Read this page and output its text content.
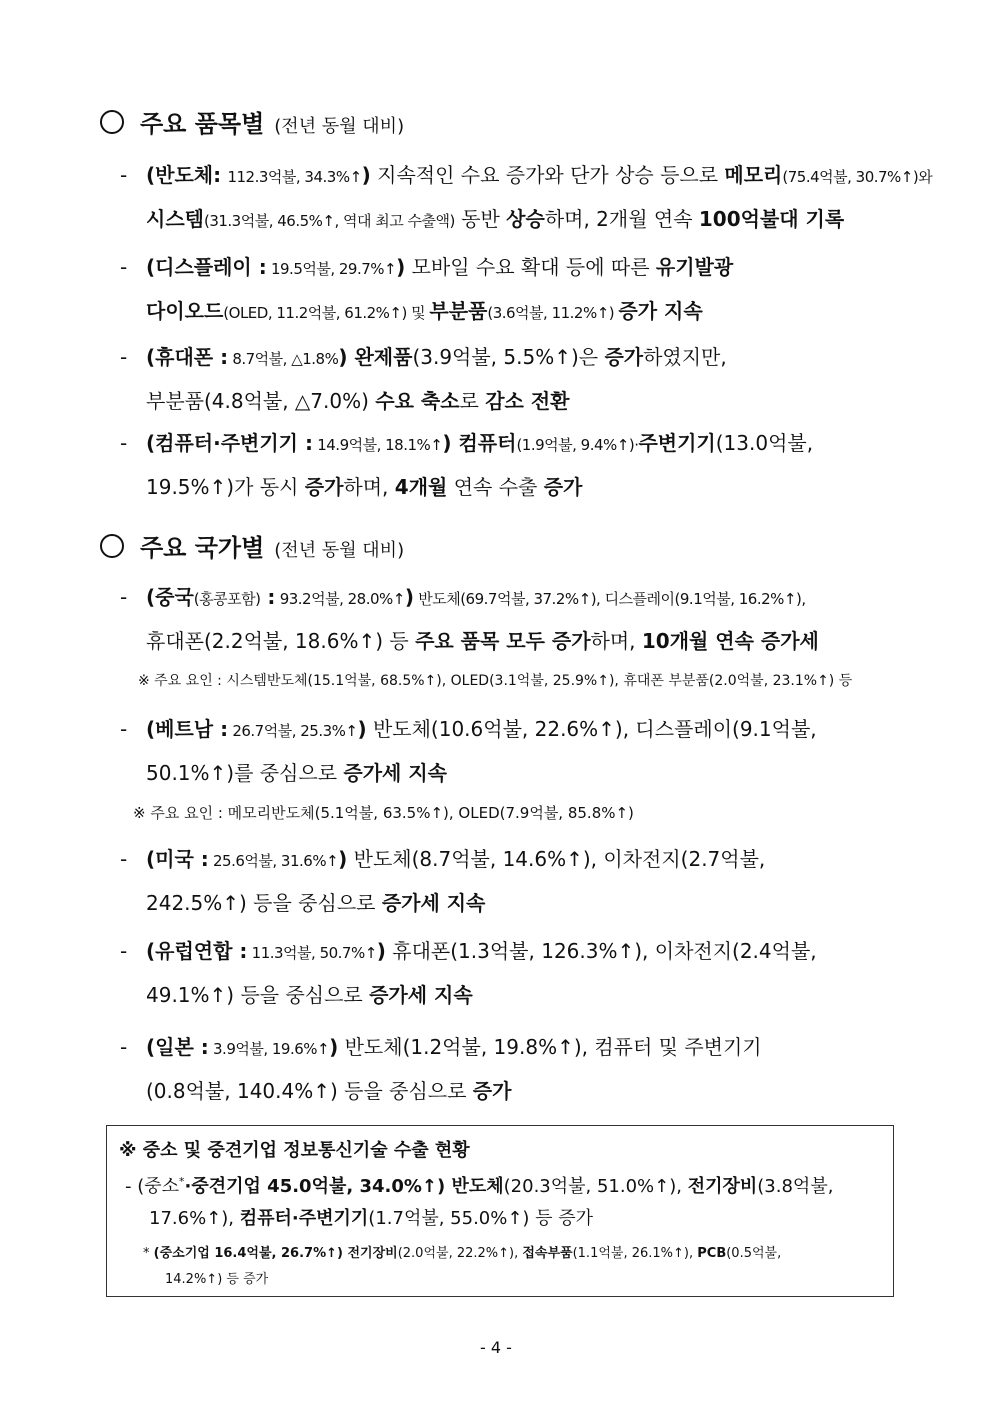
주요 품목별 (전년 동월 대비)
- (반도체: 112.3억불, 34.3%↑) 지속적인 수요 증가와 단가 상승 등으로 메모리(75.4억불, 30.7%↑)와
시스템(31.3억불, 46.5%↑, 역대 최고 수출액) 동반 상승하며, 2개월 연속 100억불대 기록
- (디스플레이 : 19.5억불, 29.7%↑) 모바일 수요 확대 등에 따른 유기발광
다이오드(OLED, 11.2억불, 61.2%↑) 및 부분품(3.6억불, 11.2%↑) 증가 지속
- (휴대폰 : 8.7억불, △1.8%) 완제품(3.9억불, 5.5%↑)은 증가하였지만,
부분품(4.8억불, △7.0%) 수요 축소로 감소 전환
- (컴퓨터·주변기기 : 14.9억불, 18.1%↑) 컴퓨터(1.9억불, 9.4%↑)·주변기기(13.0억불,
19.5%↑)가 동시 증가하며, 4개월 연속 수출 증가
주요 국가별 (전년 동월 대비)
- (중국(홍콩포함) : 93.2억불, 28.0%↑) 반도체(69.7억불, 37.2%↑), 디스플레이(9.1억불, 16.2%↑),
휴대폰(2.2억불, 18.6%↑) 등 주요 품목 모두 증가하며, 10개월 연속 증가세
※ 주요 요인 : 시스템반도체(15.1억불, 68.5%↑), OLED(3.1억불, 25.9%↑), 휴대폰 부분품(2.0억불, 23.1%↑) 등
- (베트남 : 26.7억불, 25.3%↑) 반도체(10.6억불, 22.6%↑), 디스플레이(9.1억불,
50.1%↑)를 중심으로 증가세 지속
※ 주요 요인 : 메모리반도체(5.1억불, 63.5%↑), OLED(7.9억불, 85.8%↑)
- (미국 : 25.6억불, 31.6%↑) 반도체(8.7억불, 14.6%↑), 이차전지(2.7억불,
242.5%↑) 등을 중심으로 증가세 지속
- (유럽연합 : 11.3억불, 50.7%↑) 휴대폰(1.3억불, 126.3%↑), 이차전지(2.4억불,
49.1%↑) 등을 중심으로 증가세 지속
- (일본 : 3.9억불, 19.6%↑) 반도체(1.2억불, 19.8%↑), 컴퓨터 및 주변기기
(0.8억불, 140.4%↑) 등을 중심으로 증가
※ 중소 및 중견기업 정보통신기술 수출 현황
- (중소*·중견기업 45.0억불, 34.0%↑) 반도체(20.3억불, 51.0%↑), 전기장비(3.8억불,
17.6%↑), 컴퓨터·주변기기(1.7억불, 55.0%↑) 등 증가
* (중소기업 16.4억불, 26.7%↑) 전기장비(2.0억불, 22.2%↑), 접속부품(1.1억불, 26.1%↑), PCB(0.5억불,
14.2%↑) 등 증가
- 4 -
